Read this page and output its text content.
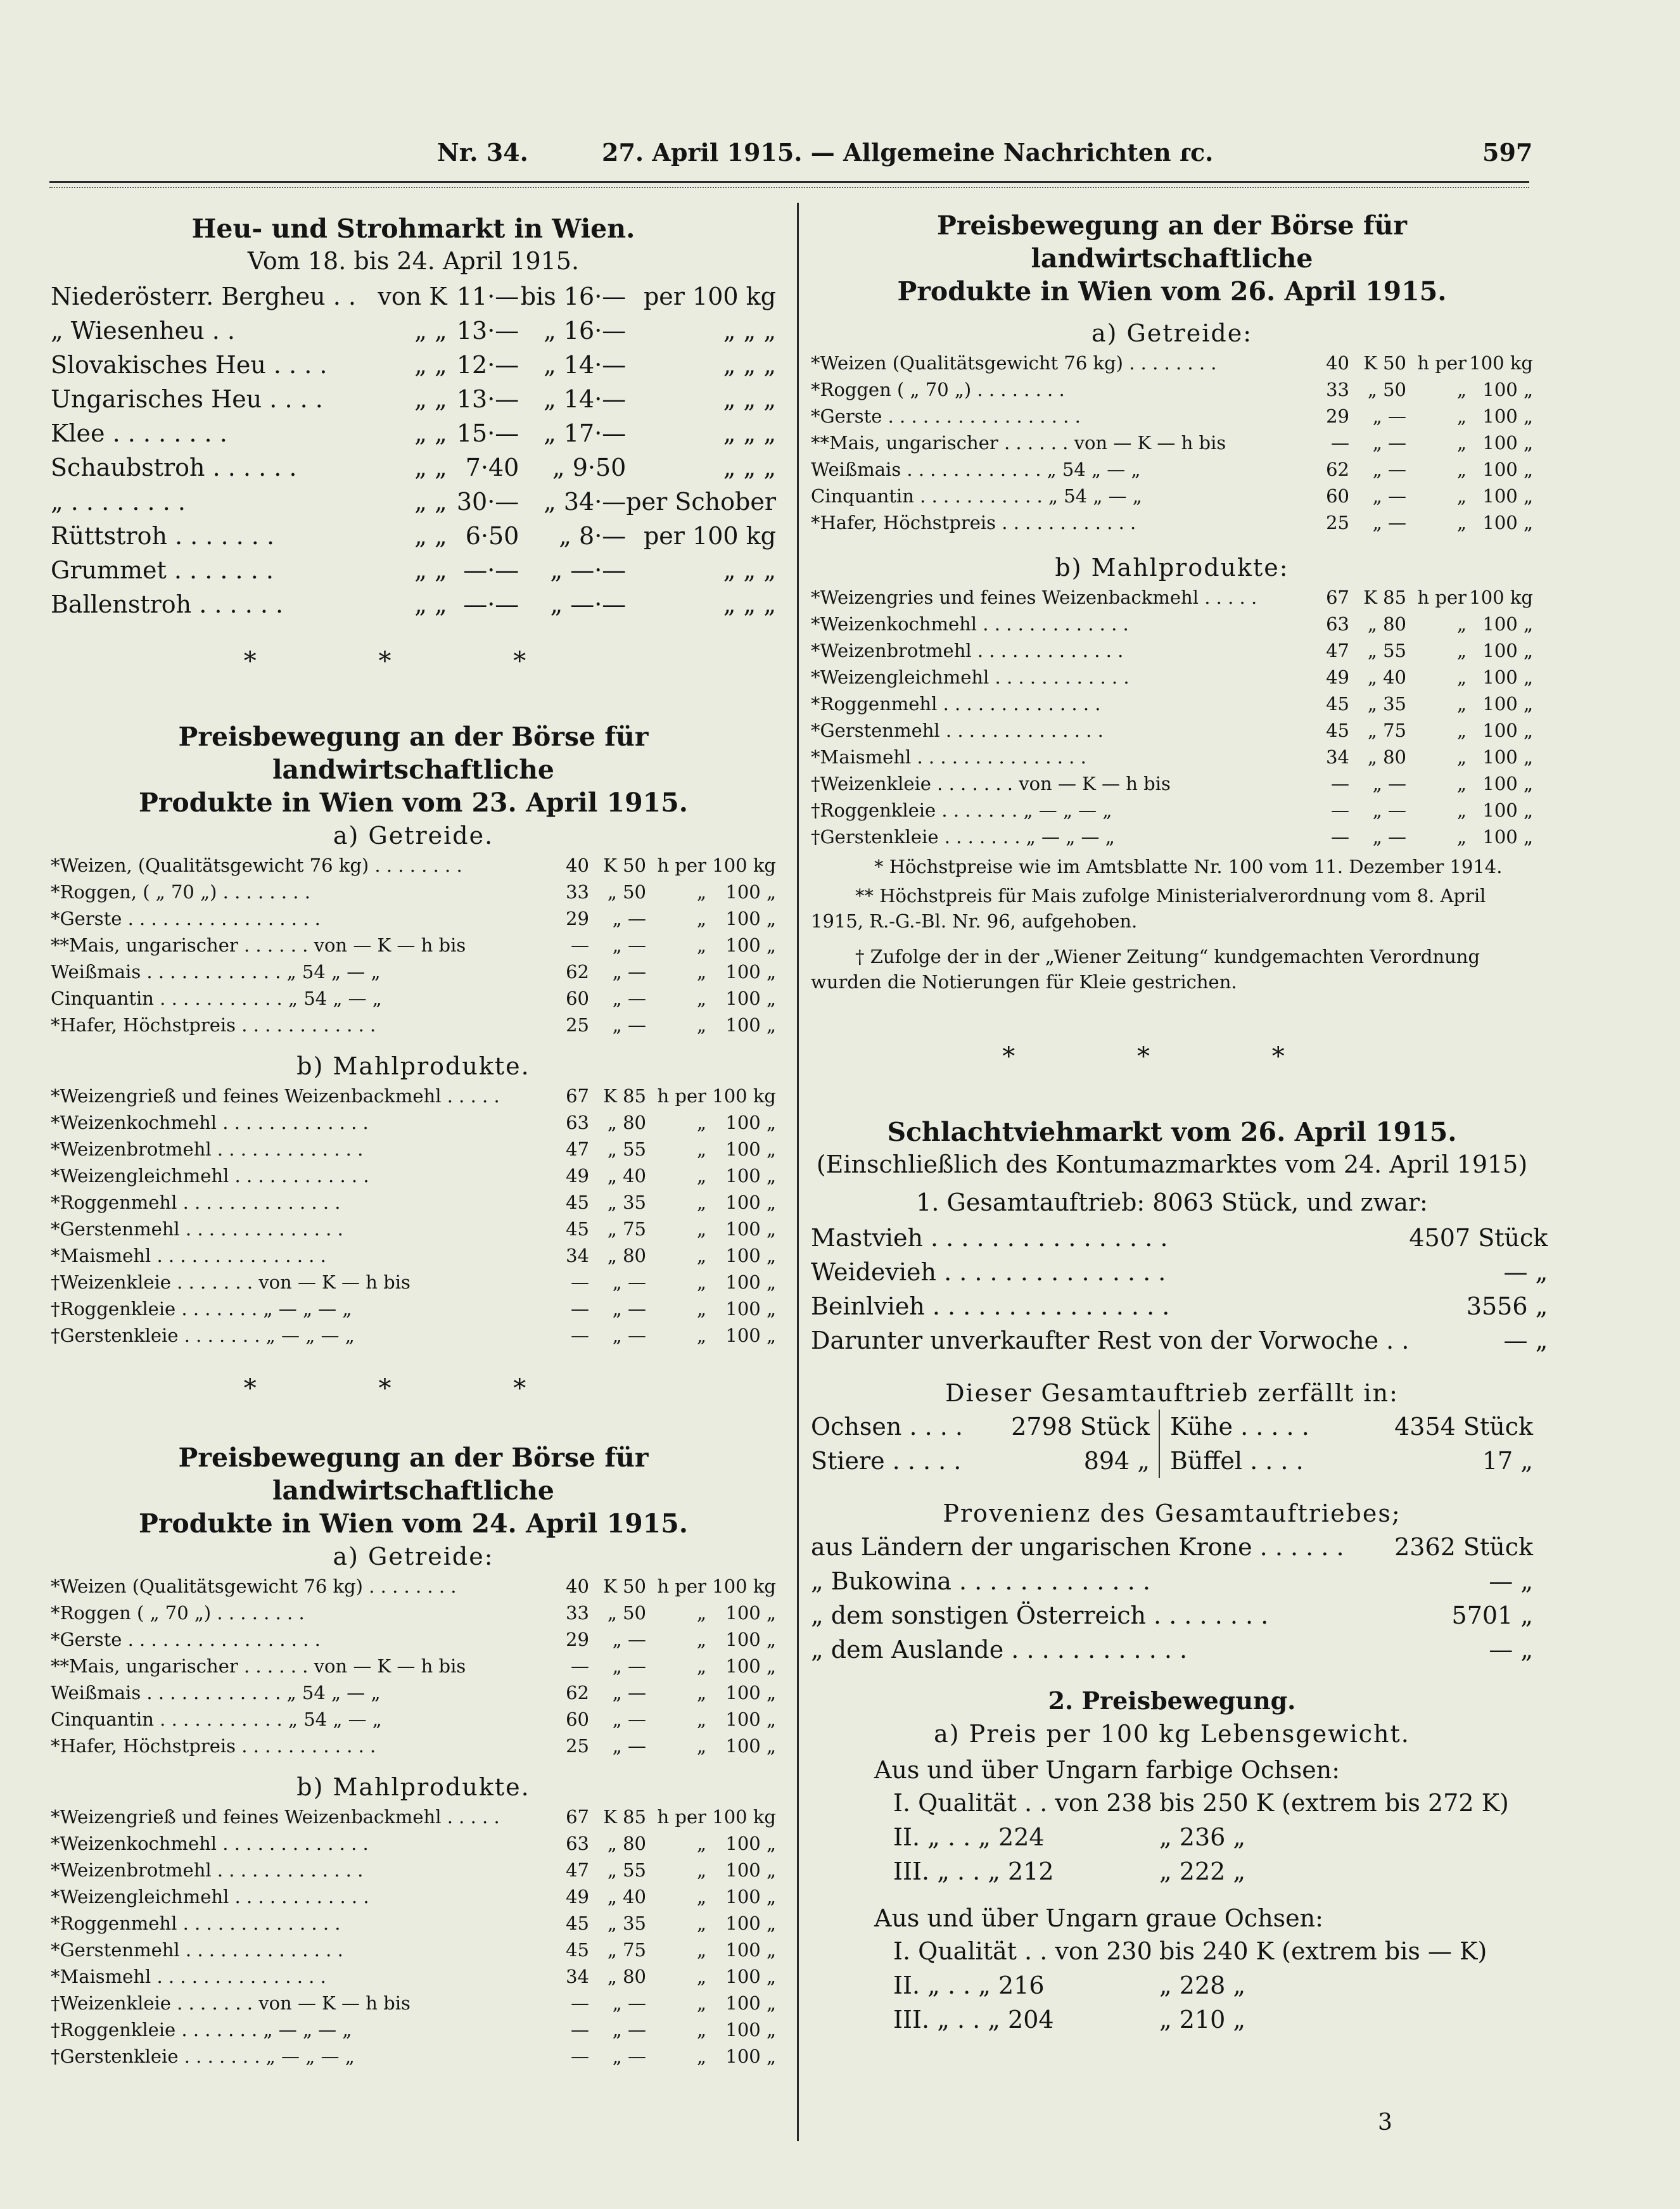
Nr. 34.	27. April 1915. — Allgemeine Nachrichten ɾc.	597

Heu- und Strohmarkt in Wien.

Vom 18. bis 24. April 1915.

Niederösterr. Bergheu . .	von K	11·—	bis 16·—	per 100 kg
„ Wiesenheu . .	„ „	13·—	„ 16·—	„ „ „
Slovakisches Heu . . . .	„ „	12·—	„ 14·—	„ „ „
Ungarisches Heu . . . .	„ „	13·—	„ 14·—	„ „ „
Klee . . . . . . . .	„ „	15·—	„ 17·—	„ „ „
Schaubstroh . . . . . .	„ „	7·40	„ 9·50	„ „ „
„ . . . . . . . .	„ „	30·—	„ 34·—	per Schober
Rüttstroh . . . . . . .	„ „	6·50	„ 8·—	per 100 kg
Grummet . . . . . . .	„ „	—·—	„ —·—	„ „ „
Ballenstroh . . . . . .	„ „	—·—	„ —·—	„ „ „

* * *

Preisbewegung an der Börse für landwirtschaftliche

Produkte in Wien vom 23. April 1915.

a) Getreide.

*Weizen, (Qualitätsgewicht 76 kg) . . . . . . . .	40	K 50	h per	100 kg
*Roggen, ( „ 70 „) . . . . . . . .	33	„ 50	„	100 „
*Gerste . . . . . . . . . . . . . . . . .	29	„ —	„	100 „
**Mais, ungarischer . . . . . . von — K — h bis	—	„ —	„	100 „
Weißmais . . . . . . . . . . . . „ 54 „ — „	62	„ —	„	100 „
Cinquantin . . . . . . . . . . . „ 54 „ — „	60	„ —	„	100 „
*Hafer, Höchstpreis . . . . . . . . . . . .	25	„ —	„	100 „

b) Mahlprodukte.

*Weizengrieß und feines Weizenbackmehl . . . . .	67	K 85	h per	100 kg
*Weizenkochmehl . . . . . . . . . . . . .	63	„ 80	„	100 „
*Weizenbrotmehl . . . . . . . . . . . . .	47	„ 55	„	100 „
*Weizengleichmehl . . . . . . . . . . . .	49	„ 40	„	100 „
*Roggenmehl . . . . . . . . . . . . . .	45	„ 35	„	100 „
*Gerstenmehl . . . . . . . . . . . . . .	45	„ 75	„	100 „
*Maismehl . . . . . . . . . . . . . . .	34	„ 80	„	100 „
†Weizenkleie . . . . . . . von — K — h bis	—	„ —	„	100 „
†Roggenkleie . . . . . . . „ — „ — „	—	„ —	„	100 „
†Gerstenkleie . . . . . . . „ — „ — „	—	„ —	„	100 „

* * *

Preisbewegung an der Börse für landwirtschaftliche

Produkte in Wien vom 24. April 1915.

a) Getreide:

*Weizen (Qualitätsgewicht 76 kg) . . . . . . . .	40	K 50	h per	100 kg
*Roggen ( „ 70 „) . . . . . . . .	33	„ 50	„	100 „
*Gerste . . . . . . . . . . . . . . . . .	29	„ —	„	100 „
**Mais, ungarischer . . . . . . von — K — h bis	—	„ —	„	100 „
Weißmais . . . . . . . . . . . . „ 54 „ — „	62	„ —	„	100 „
Cinquantin . . . . . . . . . . . „ 54 „ — „	60	„ —	„	100 „
*Hafer, Höchstpreis . . . . . . . . . . . .	25	„ —	„	100 „

b) Mahlprodukte.

*Weizengrieß und feines Weizenbackmehl . . . . .	67	K 85	h per	100 kg
*Weizenkochmehl . . . . . . . . . . . . .	63	„ 80	„	100 „
*Weizenbrotmehl . . . . . . . . . . . . .	47	„ 55	„	100 „
*Weizengleichmehl . . . . . . . . . . . .	49	„ 40	„	100 „
*Roggenmehl . . . . . . . . . . . . . .	45	„ 35	„	100 „
*Gerstenmehl . . . . . . . . . . . . . .	45	„ 75	„	100 „
*Maismehl . . . . . . . . . . . . . . .	34	„ 80	„	100 „
†Weizenkleie . . . . . . . von — K — h bis	—	„ —	„	100 „
†Roggenkleie . . . . . . . „ — „ — „	—	„ —	„	100 „
†Gerstenkleie . . . . . . . „ — „ — „	—	„ —	„	100 „

Preisbewegung an der Börse für landwirtschaftliche

Produkte in Wien vom 26. April 1915.

a) Getreide:

*Weizen (Qualitätsgewicht 76 kg) . . . . . . . .	40	K 50	h per	100 kg
*Roggen ( „ 70 „) . . . . . . . .	33	„ 50	„	100 „
*Gerste . . . . . . . . . . . . . . . . .	29	„ —	„	100 „
**Mais, ungarischer . . . . . . von — K — h bis	—	„ —	„	100 „
Weißmais . . . . . . . . . . . . „ 54 „ — „	62	„ —	„	100 „
Cinquantin . . . . . . . . . . . „ 54 „ — „	60	„ —	„	100 „
*Hafer, Höchstpreis . . . . . . . . . . . .	25	„ —	„	100 „

b) Mahlprodukte:

*Weizengries und feines Weizenbackmehl . . . . .	67	K 85	h per	100 kg
*Weizenkochmehl . . . . . . . . . . . . .	63	„ 80	„	100 „
*Weizenbrotmehl . . . . . . . . . . . . .	47	„ 55	„	100 „
*Weizengleichmehl . . . . . . . . . . . .	49	„ 40	„	100 „
*Roggenmehl . . . . . . . . . . . . . .	45	„ 35	„	100 „
*Gerstenmehl . . . . . . . . . . . . . .	45	„ 75	„	100 „
*Maismehl . . . . . . . . . . . . . . .	34	„ 80	„	100 „
†Weizenkleie . . . . . . . von — K — h bis	—	„ —	„	100 „
†Roggenkleie . . . . . . . „ — „ — „	—	„ —	„	100 „
†Gerstenkleie . . . . . . . „ — „ — „	—	„ —	„	100 „

* Höchstpreise wie im Amtsblatte Nr. 100 vom 11. Dezember 1914.

** Höchstpreis für Mais zufolge Ministerialverordnung vom 8. April 1915, R.-G.-Bl. Nr. 96, aufgehoben.

† Zufolge der in der „Wiener Zeitung“ kundgemachten Verordnung wurden die Notierungen für Kleie gestrichen.

* * *

Schlachtviehmarkt vom 26. April 1915.

(Einschließlich des Kontumazmarktes vom 24. April 1915)

1. Gesamtauftrieb: 8063 Stück, und zwar:

Mastvieh . . . . . . . . . . . . . . . .	4507 Stück
Weidevieh . . . . . . . . . . . . . . .	— „
Beinlvieh . . . . . . . . . . . . . . . .	3556 „
Darunter unverkaufter Rest von der Vorwoche . .	— „

Dieser Gesamtauftrieb zerfällt in:

Ochsen . . . .	2798 Stück	Kühe . . . . .	4354 Stück
Stiere . . . . .	894 „	Büffel . . . .	17 „

Provenienz des Gesamtauftriebes;

aus Ländern der ungarischen Krone . . . . . .	2362 Stück
„ Bukowina . . . . . . . . . . . . .	— „
„ dem sonstigen Österreich . . . . . . . .	5701 „
„ dem Auslande . . . . . . . . . . . .	— „

2. Preisbewegung.

a) Preis per 100 kg Lebensgewicht.

Aus und über Ungarn farbige Ochsen:

I. Qualität . . von 238	bis 250 K (extrem bis 272 K)
II. „ . . „ 224	„ 236 „
III. „ . . „ 212	„ 222 „

Aus und über Ungarn graue Ochsen:

I. Qualität . . von 230	bis 240 K (extrem bis — K)
II. „ . . „ 216	„ 228 „
III. „ . . „ 204	„ 210 „
3
